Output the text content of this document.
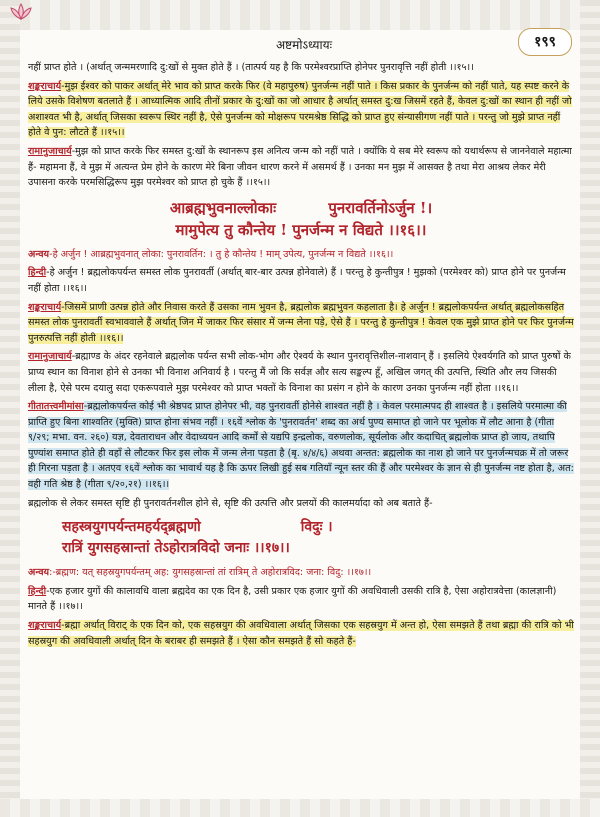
अष्टमोऽध्यायः	१९९

नहीं प्राप्त होते । (अर्थात् जन्ममरणादि दु:खों से मुक्त होते हैं । (तात्पर्य यह है कि परमेश्वरप्राप्ति होनेपर पुनरावृत्ति नहीं होती ।।१५।।

शङ्कराचार्य-मुझ ईश्वर को पाकर अर्थात् मेरे भाव को प्राप्त करके फिर (वे महापुरुष) पुनर्जन्म नहीं पाते । किस प्रकार के पुनर्जन्म को नहीं पाते, यह स्पष्ट करने के लिये उसके विशेषण बतलाते हैं । आध्यात्मिक आदि तीनों प्रकार के दु:खों का जो आधार है अर्थात् समस्त दु:ख जिसमें रहते हैं, केवल दु:खों का स्थान ही नहीं जो अशाश्वत भी है, अर्थात् जिसका स्वरूप स्थिर नहीं है, ऐसे पुनर्जन्म को मोक्षरूप परमश्रेष्ठ सिद्धि को प्राप्त हुए संन्यासीगण नहीं पाते । परन्तु जो मुझे प्राप्त नहीं होते वे पुन: लौटते हैं ।।१५।।

रामानुजाचार्य-मुझ को प्राप्त करके फिर समस्त दु:खों के स्थानरूप इस अनित्य जन्म को नहीं पाते । क्योंकि ये सब मेरे स्वरूप को यथार्थरूप से जाननेवाले महात्मा हैं- महामना हैं, वे मुझ में अत्यन्त प्रेम होने के कारण मेरे बिना जीवन धारण करने में असमर्थ हैं । उनका मन मुझ में आसक्त है तथा मेरा आश्रय लेकर मेरी उपासना करके परमसिद्धिरूप मुझ परमेश्वर को प्राप्त हो चुके हैं ।।१५।।

आब्रह्मभुवनाल्लोकाः          पुनरावर्तिनोऽर्जुन !।
मामुपेत्य तु कौन्तेय ! पुनर्जन्म न विद्यते ।।१६।।

अन्वय-हे अर्जुन ! आब्रह्मभुवनात् लोका: पुनरावर्तिन: । तु हे कौन्तेय ! माम् उपेत्य, पुनर्जन्म न विद्यते ।।१६।।

हिन्दी-हे अर्जुन ! ब्रह्मलोकपर्यन्त समस्त लोक पुनरावर्ती (अर्थात् बार-बार उत्पन्न होनेवाले) हैं । परन्तु हे कुन्तीपुत्र ! मुझको (परमेश्वर को) प्राप्त होने पर पुनर्जन्म नहीं होता ।।१६।।

शङ्कराचार्य-जिसमें प्राणी उत्पन्न होते और निवास करते हैं उसका नाम भुवन है, ब्रह्मलोक ब्रह्मभुवन कहलाता है। हे अर्जुन ! ब्रह्मलोकपर्यन्त अर्थात् ब्रह्मलोकसहित समस्त लोक पुनरावर्ती स्वभाववाले हैं अर्थात् जिन में जाकर फिर संसार में जन्म लेना पड़े, ऐसे हैं । परन्तु हे कुन्तीपुत्र ! केवल एक मुझे प्राप्त होने पर फिर पुनर्जन्म पुनरुत्पत्ति नहीं होती ।।१६।।

रामानुजाचार्य-ब्रह्माण्ड के अंदर रहनेवाले ब्रह्मलोक पर्यन्त सभी लोक-भोग और ऐश्वर्य के स्थान पुनरावृत्तिशील-नाशवान् हैं । इसलिये ऐश्वर्यगति को प्राप्त पुरुषों के प्राप्य स्थान का विनाश होने से उनका भी विनाश अनिवार्य है । परन्तु मैं जो कि सर्वज्ञ और सत्य सङ्कल्प हूँ, अखिल जगत् की उत्पत्ति, स्थिति और लय जिसकी लीला है, ऐसे परम दयालु सदा एकरूपवाले मुझ परमेश्वर को प्राप्त भक्तों के विनाश का प्रसंग न होने के कारण उनका पुनर्जन्म नहीं होता ।।१६।।

गीतातत्त्वमीमांसा-ब्रह्मलोकपर्यन्त कोई भी श्रेष्ठपद प्राप्त होनेपर भी, वह पुनरावर्ती होनेसे शाश्वत नहीं है । केवल परमात्मपद ही शाश्वत है । इसलिये परमात्मा की प्राप्ति हुए बिना शाश्वतिर (मुक्ति) प्राप्त होना संभव नहीं । १६वें श्लोक के 'पुनरावर्तन' शब्द का अर्थ पुण्य समाप्त हो जाने पर भूलोक में लौट आना है (गीता ९/२९; मभा. वन. २६०) यज्ञ, देवताराधन और वेदाध्ययन आदि कर्मों से यद्यपि इन्द्रलोक, वरुणलोक, सूर्यलोक और कदाचित् ब्रह्मलोक प्राप्त हो जाय, तथापि पुण्यांश समाप्त होते ही वहाँ से लौटकर फिर इस लोक में जन्म लेना पड़ता है (बृ. ४/४/६) अथवा अन्तत: ब्रह्मलोक का नाश हो जाने पर पुनर्जन्मचक्र में तो जरूर ही गिरना पड़ता है । अतएव १६वें श्लोक का भावार्थ यह है कि ऊपर लिखी हुई सब गतियाँ न्यून स्तर की हैं और परमेश्वर के ज्ञान से ही पुनर्जन्म नष्ट होता है, अत: वही गति श्रेष्ठ है (गीता ९/२०,२१) ।।१६।।

ब्रह्मलोक से लेकर समस्त सृष्टि ही पुनरावर्तनशील होने से, सृष्टि की उत्पत्ति और प्रलयों की कालमर्यादा को अब बताते हैं-

सहस्त्रयुगपर्यन्तमहर्यद्ब्रह्मणो	विदुः ।
रात्रिं युगसहस्रान्तां तेऽहोरात्रविदो जनाः ।।१७।।

अन्वय:-ब्रह्मण: यत् सहस्रयुगपर्यन्तम् अह: युगसहस्रान्तां तां रात्रिम् ते अहोरात्रविद: जना: विदु: ।।१७।।

हिन्दी-एक हजार युगों की कालावधि वाला ब्रह्मदेव का एक दिन है, उसी प्रकार एक हजार युगों की अवधिवाली उसकी रात्रि है, ऐसा अहोरात्रवेत्ता (कालज्ञानी) मानते हैं ।।१७।।

शङ्कराचार्य-ब्रह्मा अर्थात् विराट् के एक दिन को, एक सहस्रयुग की अवधिवाला अर्थात् जिसका एक सहस्रयुग में अन्त हो, ऐसा समझते हैं तथा ब्रह्मा की रात्रि को भी सहस्रयुग की अवधिवाली अर्थात् दिन के बराबर ही समझते हैं । ऐसा कौन समझते हैं सो कहते हैं-
